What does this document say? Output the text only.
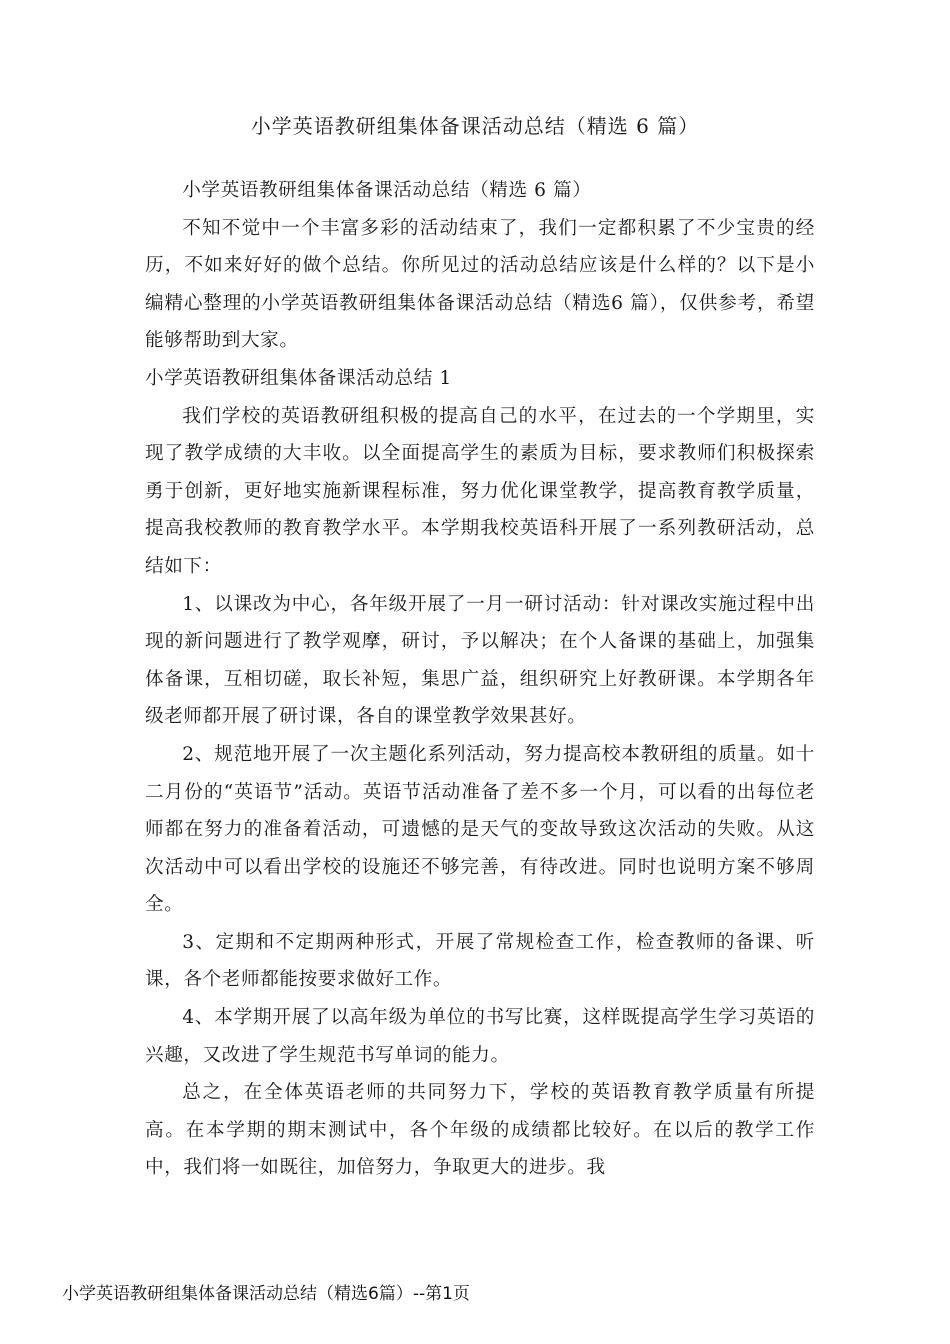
小学英语教研组集体备课活动总结（精选 6 篇）

小学英语教研组集体备课活动总结（精选 6 篇）

不知不觉中一个丰富多彩的活动结束了，我们一定都积累了不少宝贵的经历，不如来好好的做个总结。你所见过的活动总结应该是什么样的？以下是小编精心整理的小学英语教研组集体备课活动总结（精选6 篇），仅供参考，希望能够帮助到大家。

小学英语教研组集体备课活动总结 1

我们学校的英语教研组积极的提高自己的水平，在过去的一个学期里，实现了教学成绩的大丰收。以全面提高学生的素质为目标，要求教师们积极探索勇于创新，更好地实施新课程标准，努力优化课堂教学，提高教育教学质量，提高我校教师的教育教学水平。本学期我校英语科开展了一系列教研活动，总结如下：

1、以课改为中心，各年级开展了一月一研讨活动：针对课改实施过程中出现的新问题进行了教学观摩，研讨，予以解决；在个人备课的基础上，加强集体备课，互相切磋，取长补短，集思广益，组织研究上好教研课。本学期各年级老师都开展了研讨课，各自的课堂教学效果甚好。

2、规范地开展了一次主题化系列活动，努力提高校本教研组的质量。如十二月份的“英语节”活动。英语节活动准备了差不多一个月，可以看的出每位老师都在努力的准备着活动，可遗憾的是天气的变故导致这次活动的失败。从这次活动中可以看出学校的设施还不够完善，有待改进。同时也说明方案不够周全。

3、定期和不定期两种形式，开展了常规检查工作，检查教师的备课、听课，各个老师都能按要求做好工作。

4、本学期开展了以高年级为单位的书写比赛，这样既提高学生学习英语的兴趣，又改进了学生规范书写单词的能力。

总之，在全体英语老师的共同努力下，学校的英语教育教学质量有所提高。在本学期的期末测试中，各个年级的成绩都比较好。在以后的教学工作中，我们将一如既往，加倍努力，争取更大的进步。我

小学英语教研组集体备课活动总结（精选6篇）--第1页
